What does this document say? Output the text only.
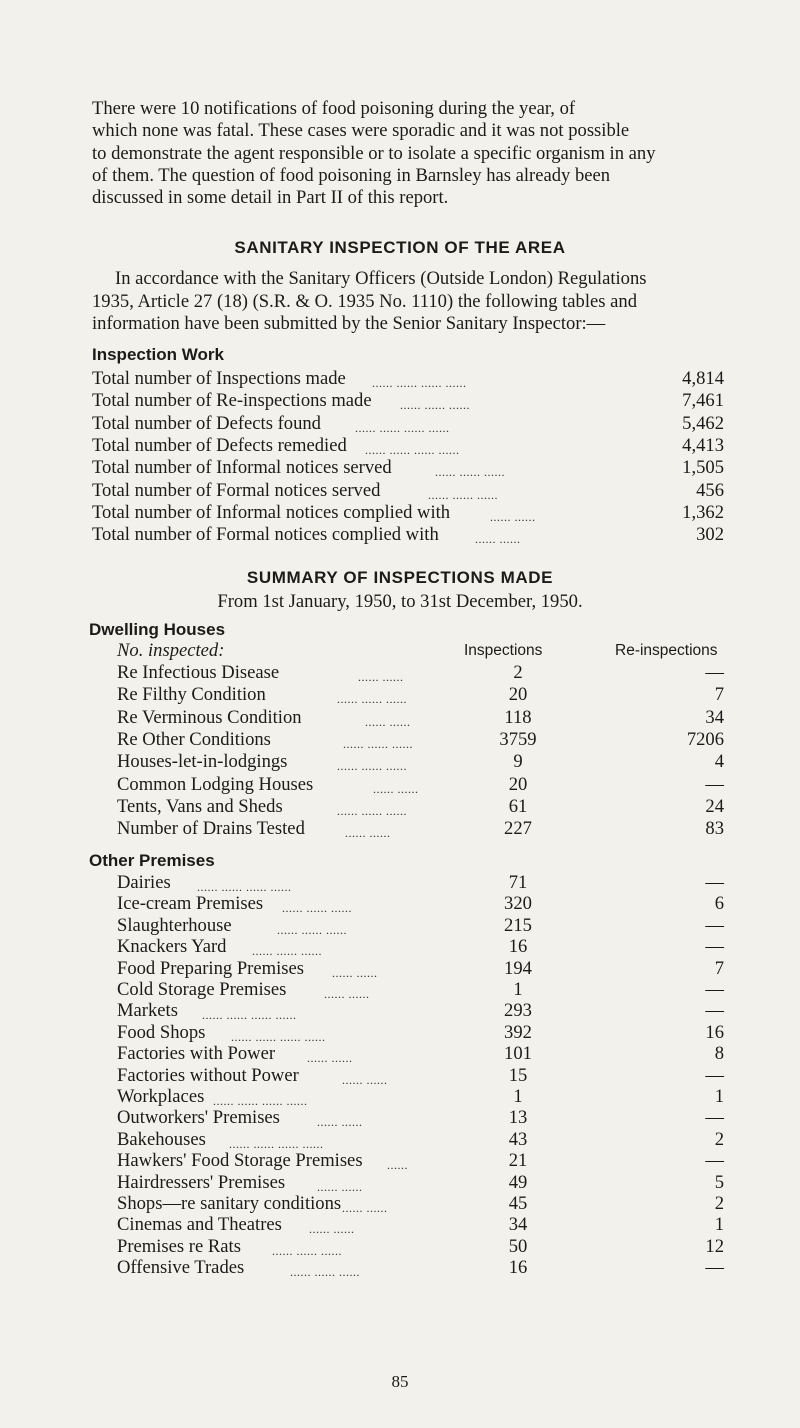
There were 10 notifications of food poisoning during the year, of
which none was fatal. These cases were sporadic and it was not possible
to demonstrate the agent responsible or to isolate a specific organism in any
of them. The question of food poisoning in Barnsley has already been
discussed in some detail in Part II of this report.
SANITARY INSPECTION OF THE AREA
In accordance with the Sanitary Officers (Outside London) Regulations
1935, Article 27 (18) (S.R. & O. 1935 No. 1110) the following tables and
information have been submitted by the Senior Sanitary Inspector:—
Inspection Work
Total number of Inspections made	4,814
...... ...... ...... ......
Total number of Re-inspections made	7,461
...... ...... ......
Total number of Defects found	5,462
...... ...... ...... ......
Total number of Defects remedied	4,413
...... ...... ...... ......
Total number of Informal notices served	1,505
...... ...... ......
Total number of Formal notices served	456
...... ...... ......
Total number of Informal notices complied with	1,362
...... ......
Total number of Formal notices complied with	302
...... ......
SUMMARY OF INSPECTIONS MADE
From 1st January, 1950, to 31st December, 1950.
Dwelling Houses
No. inspected:	Inspections	Re-inspections
Re Infectious Disease	2	—
...... ......
Re Filthy Condition	20	7
...... ...... ......
Re Verminous Condition	118	34
...... ......
Re Other Conditions	3759	7206
...... ...... ......
Houses-let-in-lodgings	9	4
...... ...... ......
Common Lodging Houses	20	—
...... ......
Tents, Vans and Sheds	61	24
...... ...... ......
Number of Drains Tested	227	83
...... ......
Other Premises
Dairies	71	—
...... ...... ...... ......
Ice-cream Premises	320	6
...... ...... ......
Slaughterhouse	215	—
...... ...... ......
Knackers Yard	16	—
...... ...... ......
Food Preparing Premises	194	7
...... ......
Cold Storage Premises	1	—
...... ......
Markets	293	—
...... ...... ...... ......
Food Shops	392	16
...... ...... ...... ......
Factories with Power	101	8
...... ......
Factories without Power	15	—
...... ......
Workplaces	1	1
...... ...... ...... ......
Outworkers' Premises	13	—
...... ......
Bakehouses	43	2
...... ...... ...... ......
Hawkers' Food Storage Premises	21	—
......
Hairdressers' Premises	49	5
...... ......
Shops—re sanitary conditions	45	2
...... ......
Cinemas and Theatres	34	1
...... ......
Premises re Rats	50	12
...... ...... ......
Offensive Trades	16	—
...... ...... ......
85
